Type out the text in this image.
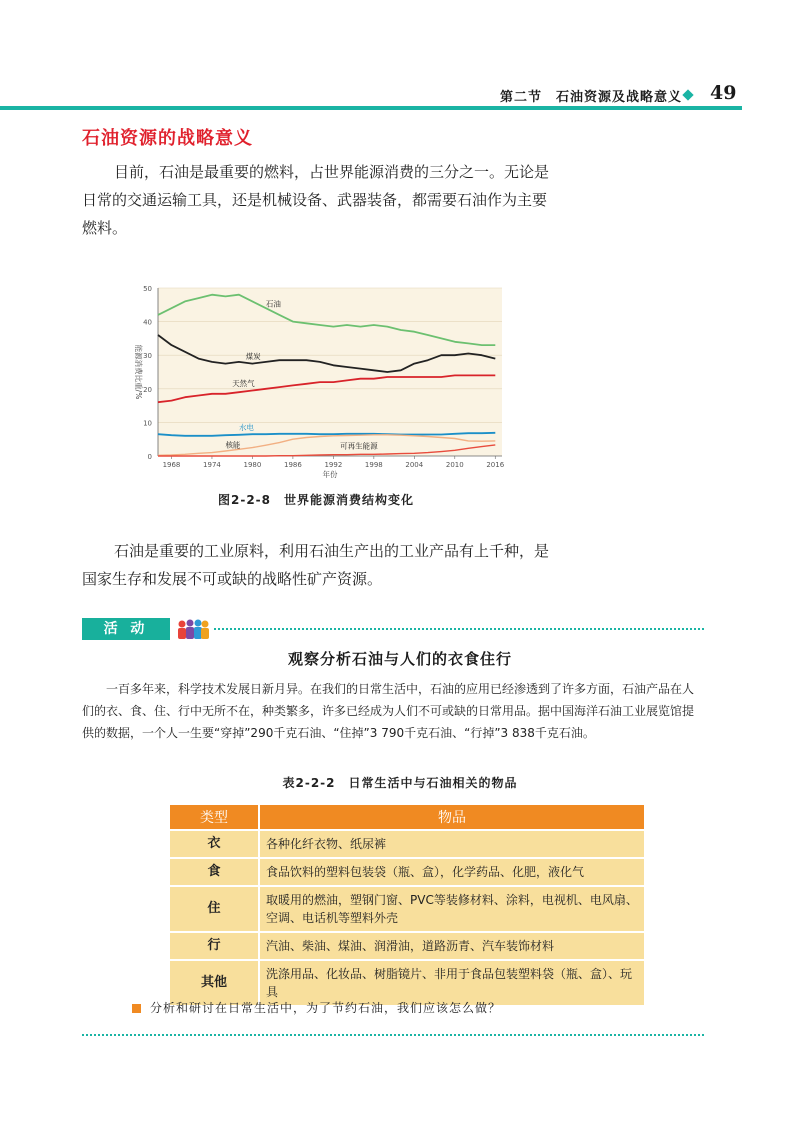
第二节　石油资源及战略意义 49
石油资源的战略意义

目前，石油是最重要的燃料，占世界能源消费的三分之一。无论是日常的交通运输工具，还是机械设备、武器装备，都需要石油作为主要燃料。

0
10
20
30
40
50
1968	1974	1980	1986	1992	1998	2004	2010	2016
石油
煤炭
天然气
水电
核能	可再生能源
年份
能源消费比重/%
图2-2-8　世界能源消费结构变化

石油是重要的工业原料，利用石油生产出的工业产品有上千种，是国家生存和发展不可或缺的战略性矿产资源。

活 动
观察分析石油与人们的衣食住行

一百多年来，科学技术发展日新月异。在我们的日常生活中，石油的应用已经渗透到了许多方面，石油产品在人们的衣、食、住、行中无所不在，种类繁多，许多已经成为人们不可或缺的日常用品。据中国海洋石油工业展览馆提供的数据，一个人一生要“穿掉”290千克石油、“住掉”3 790千克石油、“行掉”3 838千克石油。

表2-2-2　日常生活中与石油相关的物品
类型	物品
衣	各种化纤衣物、纸尿裤
食	食品饮料的塑料包装袋（瓶、盒），化学药品、化肥，液化气
住	取暖用的燃油，塑钢门窗、PVC等装修材料、涂料，电视机、电风扇、空调、电话机等塑料外壳
行	汽油、柴油、煤油、润滑油，道路沥青、汽车装饰材料
其他	洗涤用品、化妆品、树脂镜片、非用于食品包装塑料袋（瓶、盒）、玩具
分析和研讨在日常生活中，为了节约石油，我们应该怎么做？
